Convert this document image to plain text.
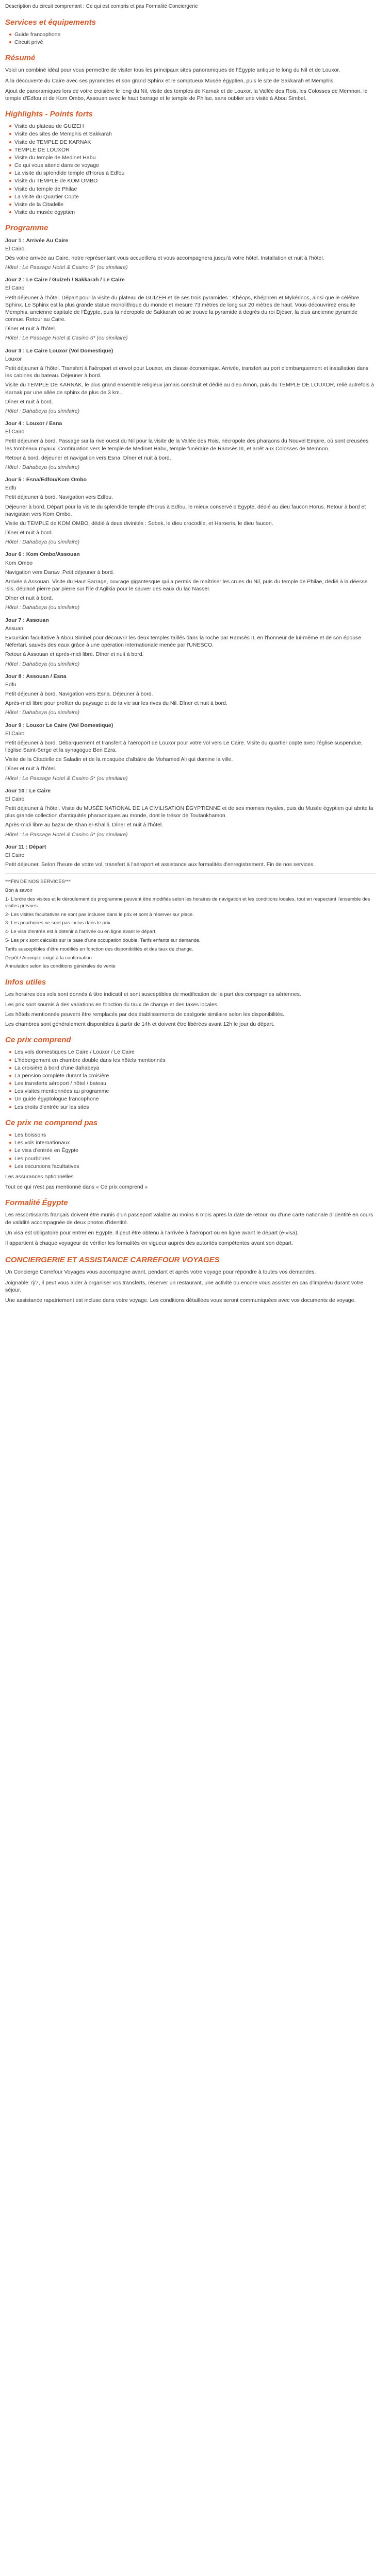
Description du circuit comprenant : Ce qui est compris et pas Formalité Conciergerie

Services et équipements
Guide francophone
Circuit privé
Résumé

Voici un combiné idéal pour vous permettre de visiter tous les principaux sites panoramiques de l'Égypte antique le long du Nil et de Louxor.

À la découverte du Caire avec ses pyramides et son grand Sphinx et le somptueux Musée égyptien, puis le site de Sakkarah et Memphis.

Ajout de panoramiques lors de votre croisière le long du Nil, visite des temples de Karnak et de Louxor, la Vallée des Rois, les Colosses de Memnon, le temple d'Edfou et de Kom Ombo, Assouan avec le haut barrage et le temple de Philae, sans oublier une visite à Abou Simbel.

Highlights - Points forts
Visite du plateau de GUIZEH
Visite des sites de Memphis et Sakkarah
Visite de TEMPLE DE KARNAK
TEMPLE DE LOUXOR
Visite du temple de Medinet Habu
Ce qui vous attend dans ce voyage
La visite du splendide temple d'Horus à Edfou
Visite du TEMPLE de KOM OMBO
Visite du temple de Philae
La visite du Quartier Copte
Visite de la Citadelle
Visite du musée égyptien
Programme
Jour 1 : Arrivée Au Caire

El Cairo.

Dès votre arrivée au Caire, notre représentant vous accueillera et vous accompagnera jusqu'à votre hôtel. Installation et nuit à l'hôtel.

Hôtel : Le Passage Hotel & Casino 5* (ou similaire)

Jour 2 : Le Caire / Guizeh / Sakkarah / Le Caire

El Cairo

Petit déjeuner à l'hôtel. Départ pour la visite du plateau de GUIZEH et de ses trois pyramides : Khéops, Khéphren et Mykérinos, ainsi que le célèbre Sphinx. Le Sphinx est la plus grande statue monolithique du monde et mesure 73 mètres de long sur 20 mètres de haut. Vous découvrirez ensuite Memphis, ancienne capitale de l'Égypte, puis la nécropole de Sakkarah où se trouve la pyramide à degrés du roi Djéser, la plus ancienne pyramide connue. Retour au Caire.

Dîner et nuit à l'hôtel.

Hôtel : Le Passage Hotel & Casino 5* (ou similaire)

Jour 3 : Le Caire Louxor (Vol Domestique)

Louxor

Petit déjeuner à l'hôtel. Transfert à l'aéroport et envol pour Louxor, en classe économique. Arrivée, transfert au port d'embarquement et installation dans les cabines du bateau. Déjeuner à bord.

Visite du TEMPLE DE KARNAK, le plus grand ensemble religieux jamais construit et dédié au dieu Amon, puis du TEMPLE DE LOUXOR, relié autrefois à Karnak par une allée de sphinx de plus de 3 km.

Dîner et nuit à bord.

Hôtel : Dahabeya (ou similaire)

Jour 4 : Louxor / Esna

El Cairo

Petit déjeuner à bord. Passage sur la rive ouest du Nil pour la visite de la Vallée des Rois, nécropole des pharaons du Nouvel Empire, où sont creusées les tombeaux royaux. Continuation vers le temple de Medinet Habu, temple funéraire de Ramsès III, et arrêt aux Colosses de Memnon.

Retour à bord, déjeuner et navigation vers Esna. Dîner et nuit à bord.

Hôtel : Dahabeya (ou similaire)

Jour 5 : Esna/Edfou/Kom Ombo

Edfu

Petit déjeuner à bord. Navigation vers Edfou.

Déjeuner à bord. Départ pour la visite du splendide temple d'Horus à Edfou, le mieux conservé d'Égypte, dédié au dieu faucon Horus. Retour à bord et navigation vers Kom Ombo.

Visite du TEMPLE de KOM OMBO, dédié à deux divinités : Sobek, le dieu crocodile, et Haroeris, le dieu faucon.

Dîner et nuit à bord.

Hôtel : Dahabeya (ou similaire)

Jour 6 : Kom Ombo/Assouan

Kom Ombo

Navigation vers Daraw. Petit déjeuner à bord.

Arrivée à Assouan. Visite du Haut Barrage, ouvrage gigantesque qui a permis de maîtriser les crues du Nil, puis du temple de Philae, dédié à la déesse Isis, déplacé pierre par pierre sur l'île d'Agilkia pour le sauver des eaux du lac Nasser.

Dîner et nuit à bord.

Hôtel : Dahabeya (ou similaire)

Jour 7 : Assouan

Assuan

Excursion facultative à Abou Simbel pour découvrir les deux temples taillés dans la roche par Ramsès II, en l'honneur de lui-même et de son épouse Néfertari, sauvés des eaux grâce à une opération internationale menée par l'UNESCO.

Retour à Assouan et après-midi libre. Dîner et nuit à bord.

Hôtel : Dahabeya (ou similaire)

Jour 8 : Assouan / Esna

Edfu

Petit déjeuner à bord. Navigation vers Esna. Déjeuner à bord.

Après-midi libre pour profiter du paysage et de la vie sur les rives du Nil. Dîner et nuit à bord.

Hôtel : Dahabeya (ou similaire)

Jour 9 : Louxor Le Caire (Vol Domestique)

El Cairo

Petit déjeuner à bord. Débarquement et transfert à l'aéroport de Louxor pour votre vol vers Le Caire. Visite du quartier copte avec l'église suspendue, l'église Saint-Serge et la synagogue Ben Ezra.

Visite de la Citadelle de Saladin et de la mosquée d'albâtre de Mohamed Ali qui domine la ville.

Dîner et nuit à l'hôtel.

Hôtel : Le Passage Hotel & Casino 5* (ou similaire)

Jour 10 : Le Caire

El Cairo

Petit déjeuner à l'hôtel. Visite du MUSÉE NATIONAL DE LA CIVILISATION ÉGYPTIENNE et de ses momies royales, puis du Musée égyptien qui abrite la plus grande collection d'antiquités pharaoniques au monde, dont le trésor de Toutankhamon.

Après-midi libre au bazar de Khan el-Khalili. Dîner et nuit à l'hôtel.

Hôtel : Le Passage Hotel & Casino 5* (ou similaire)

Jour 11 : Départ

El Cairo

Petit déjeuner. Selon l'heure de votre vol, transfert à l'aéroport et assistance aux formalités d'enregistrement. Fin de nos services.

***FIN DE NOS SERVICES***

Bon à savoir

1- L'ordre des visites et le déroulement du programme peuvent être modifiés selon les horaires de navigation et les conditions locales, tout en respectant l'ensemble des visites prévues.

2- Les visites facultatives ne sont pas incluses dans le prix et sont à réserver sur place.

3- Les pourboires ne sont pas inclus dans le prix.

4- Le visa d'entrée est à obtenir à l'arrivée ou en ligne avant le départ.

5- Les prix sont calculés sur la base d'une occupation double. Tarifs enfants sur demande.

Tarifs susceptibles d'être modifiés en fonction des disponibilités et des taux de change.

Dépôt / Acompte exigé à la confirmation

Annulation selon les conditions générales de vente

Infos utiles

Les horaires des vols sont donnés à titre indicatif et sont susceptibles de modification de la part des compagnies aériennes.

Les prix sont soumis à des variations en fonction du taux de change et des taxes locales.

Les hôtels mentionnés peuvent être remplacés par des établissements de catégorie similaire selon les disponibilités.

Les chambres sont généralement disponibles à partir de 14h et doivent être libérées avant 12h le jour du départ.

Ce prix comprend
Les vols domestiques Le Caire / Louxor / Le Caire
L'hébergement en chambre double dans les hôtels mentionnés
La croisière à bord d'une dahabeya
La pension complète durant la croisière
Les transferts aéroport / hôtel / bateau
Les visites mentionnées au programme
Un guide égyptologue francophone
Les droits d'entrée sur les sites
Ce prix ne comprend pas
Les boissons
Les vols internationaux
Le visa d'entrée en Égypte
Les pourboires
Les excursions facultatives

Les assurances optionnelles

Tout ce qui n'est pas mentionné dans « Ce prix comprend »

Formalité Égypte

Les ressortissants français doivent être munis d'un passeport valable au moins 6 mois après la date de retour, ou d'une carte nationale d'identité en cours de validité accompagnée de deux photos d'identité.

Un visa est obligatoire pour entrer en Égypte. Il peut être obtenu à l'arrivée à l'aéroport ou en ligne avant le départ (e-visa).

Il appartient à chaque voyageur de vérifier les formalités en vigueur auprès des autorités compétentes avant son départ.

CONCIERGERIE ET ASSISTANCE CARREFOUR VOYAGES

Un Concierge Carrefour Voyages vous accompagne avant, pendant et après votre voyage pour répondre à toutes vos demandes.

Joignable 7j/7, il peut vous aider à organiser vos transferts, réserver un restaurant, une activité ou encore vous assister en cas d'imprévu durant votre séjour.

Une assistance rapatriement est incluse dans votre voyage. Les conditions détaillées vous seront communiquées avec vos documents de voyage.
